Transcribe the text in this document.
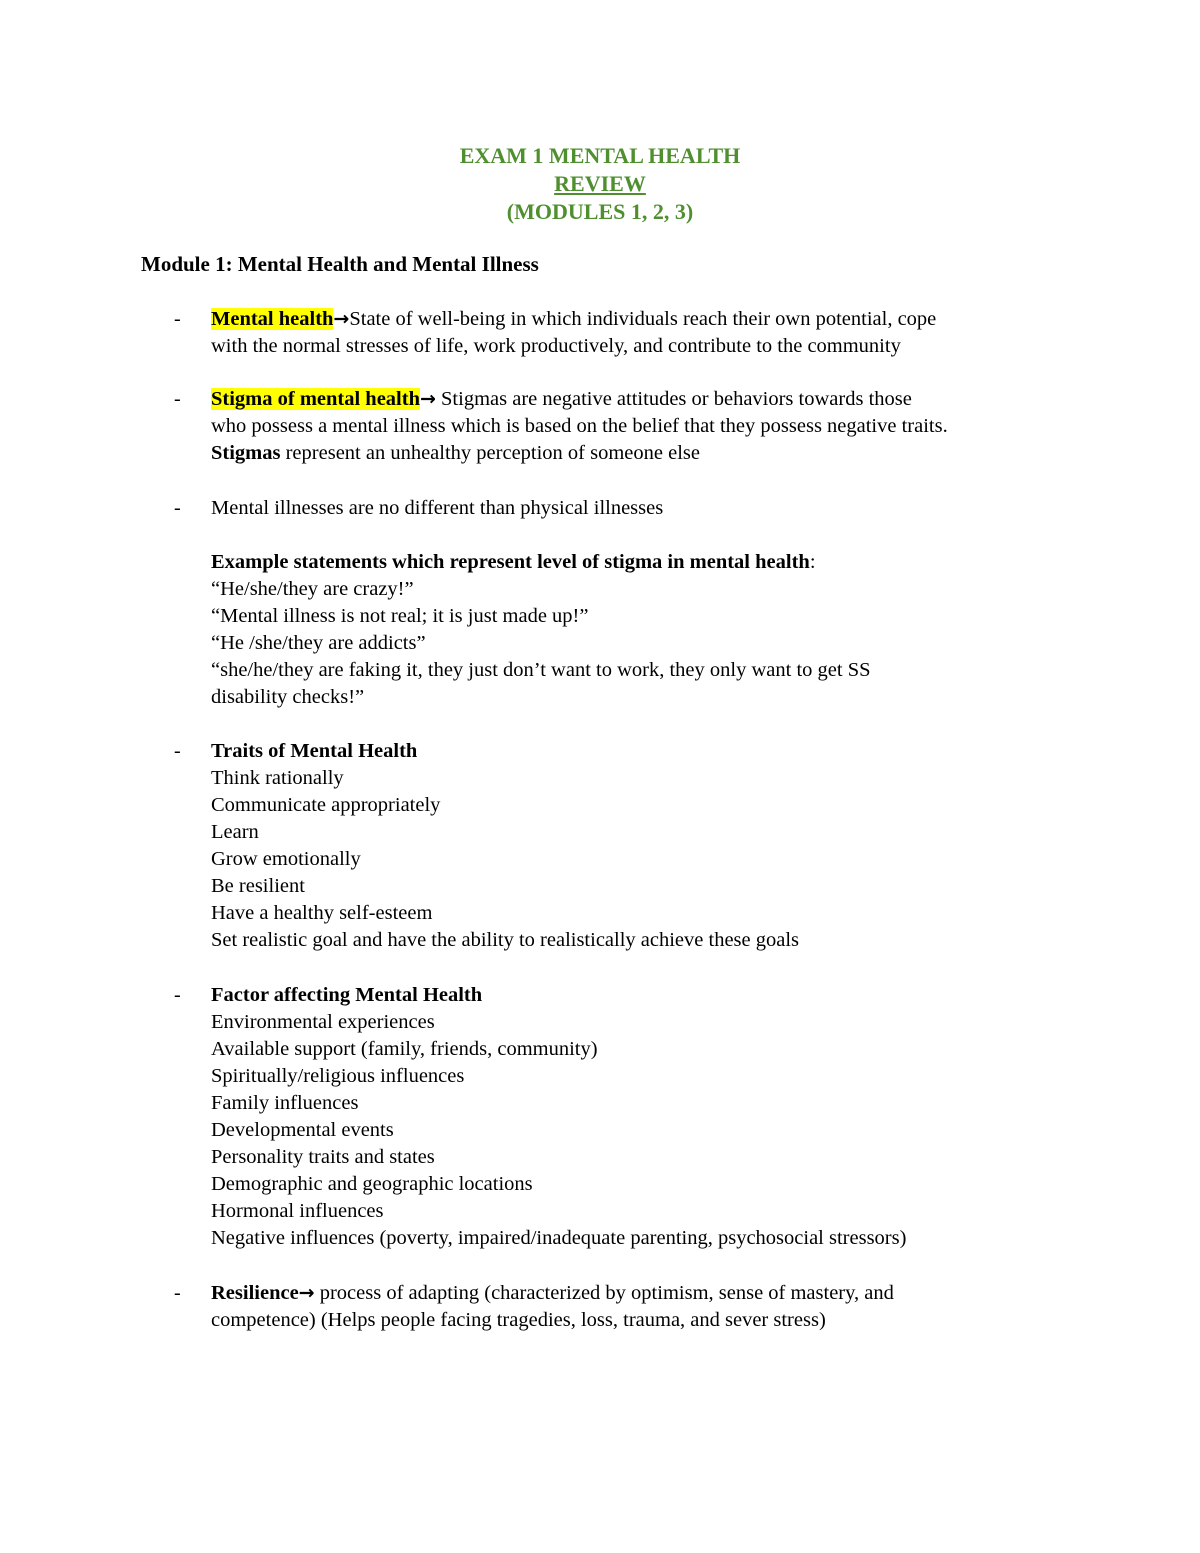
EXAM 1 MENTAL HEALTH
REVIEW
(MODULES 1, 2, 3)
Module 1: Mental Health and Mental Illness
- Mental health→State of well-being in which individuals reach their own potential, cope
with the normal stresses of life, work productively, and contribute to the community
- Stigma of mental health→ Stigmas are negative attitudes or behaviors towards those
who possess a mental illness which is based on the belief that they possess negative traits.
Stigmas represent an unhealthy perception of someone else
- Mental illnesses are no different than physical illnesses
Example statements which represent level of stigma in mental health:
“He/she/they are crazy!”
“Mental illness is not real; it is just made up!”
“He /she/they are addicts”
“she/he/they are faking it, they just don’t want to work, they only want to get SS
disability checks!”
- Traits of Mental Health
Think rationally
Communicate appropriately
Learn
Grow emotionally
Be resilient
Have a healthy self-esteem
Set realistic goal and have the ability to realistically achieve these goals
- Factor affecting Mental Health
Environmental experiences
Available support (family, friends, community)
Spiritually/religious influences
Family influences
Developmental events
Personality traits and states
Demographic and geographic locations
Hormonal influences
Negative influences (poverty, impaired/inadequate parenting, psychosocial stressors)
- Resilience→ process of adapting (characterized by optimism, sense of mastery, and
competence) (Helps people facing tragedies, loss, trauma, and sever stress)
